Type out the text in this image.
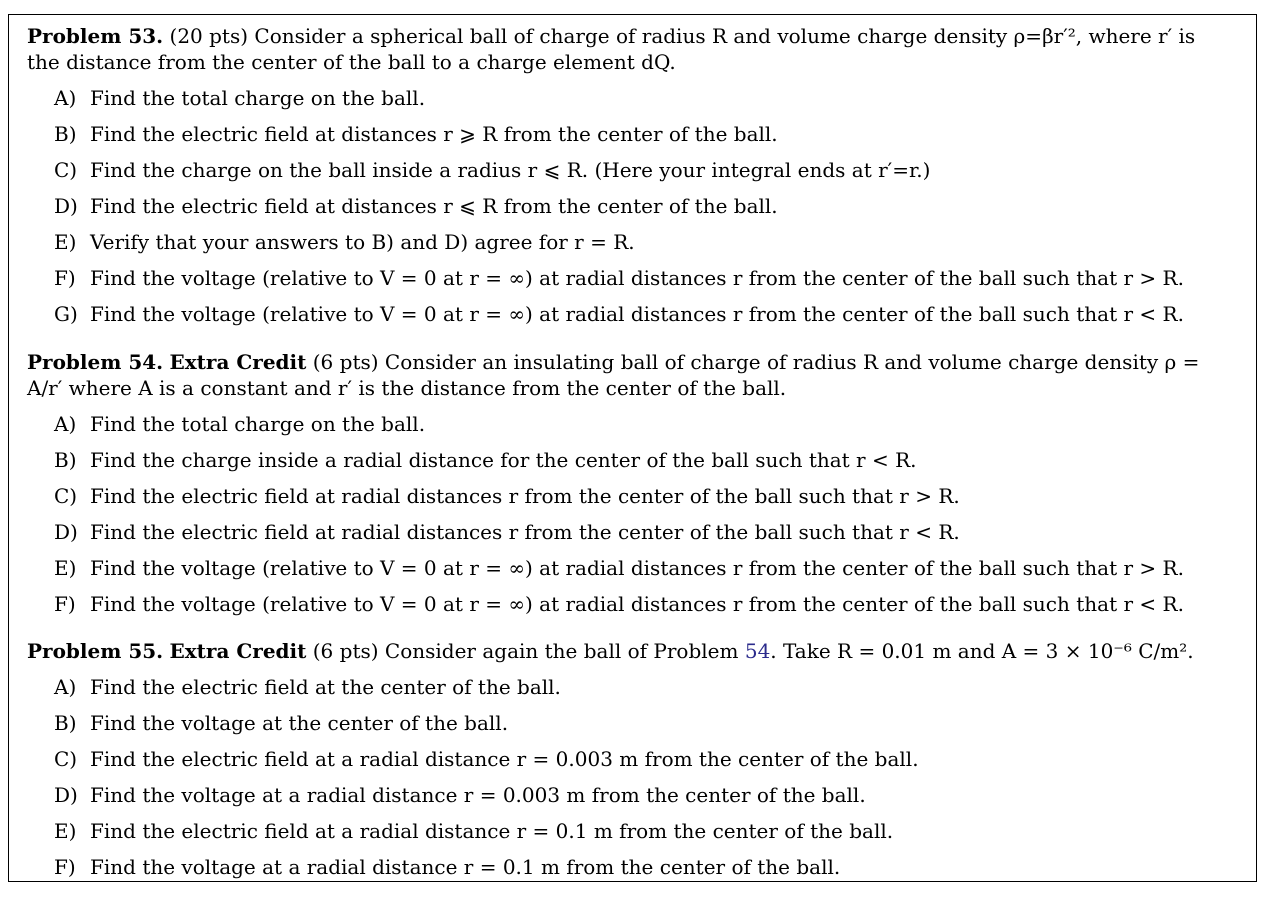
Problem 53. (20 pts) Consider a spherical ball of charge of radius R and volume charge density ρ=βr′², where r′ is the distance from the center of the ball to a charge element dQ.

A) Find the total charge on the ball.
B) Find the electric field at distances r ⩾ R from the center of the ball.
C) Find the charge on the ball inside a radius r ⩽ R. (Here your integral ends at r′=r.)
D) Find the electric field at distances r ⩽ R from the center of the ball.
E) Verify that your answers to B) and D) agree for r = R.
F) Find the voltage (relative to V = 0 at r = ∞) at radial distances r from the center of the ball such that r > R.
G) Find the voltage (relative to V = 0 at r = ∞) at radial distances r from the center of the ball such that r < R.

Problem 54. Extra Credit (6 pts) Consider an insulating ball of charge of radius R and volume charge density ρ = A/r′ where A is a constant and r′ is the distance from the center of the ball.

A) Find the total charge on the ball.
B) Find the charge inside a radial distance for the center of the ball such that r < R.
C) Find the electric field at radial distances r from the center of the ball such that r > R.
D) Find the electric field at radial distances r from the center of the ball such that r < R.
E) Find the voltage (relative to V = 0 at r = ∞) at radial distances r from the center of the ball such that r > R.
F) Find the voltage (relative to V = 0 at r = ∞) at radial distances r from the center of the ball such that r < R.

Problem 55. Extra Credit (6 pts) Consider again the ball of Problem 54. Take R = 0.01 m and A = 3 × 10⁻⁶ C/m².

A) Find the electric field at the center of the ball.
B) Find the voltage at the center of the ball.
C) Find the electric field at a radial distance r = 0.003 m from the center of the ball.
D) Find the voltage at a radial distance r = 0.003 m from the center of the ball.
E) Find the electric field at a radial distance r = 0.1 m from the center of the ball.
F) Find the voltage at a radial distance r = 0.1 m from the center of the ball.
